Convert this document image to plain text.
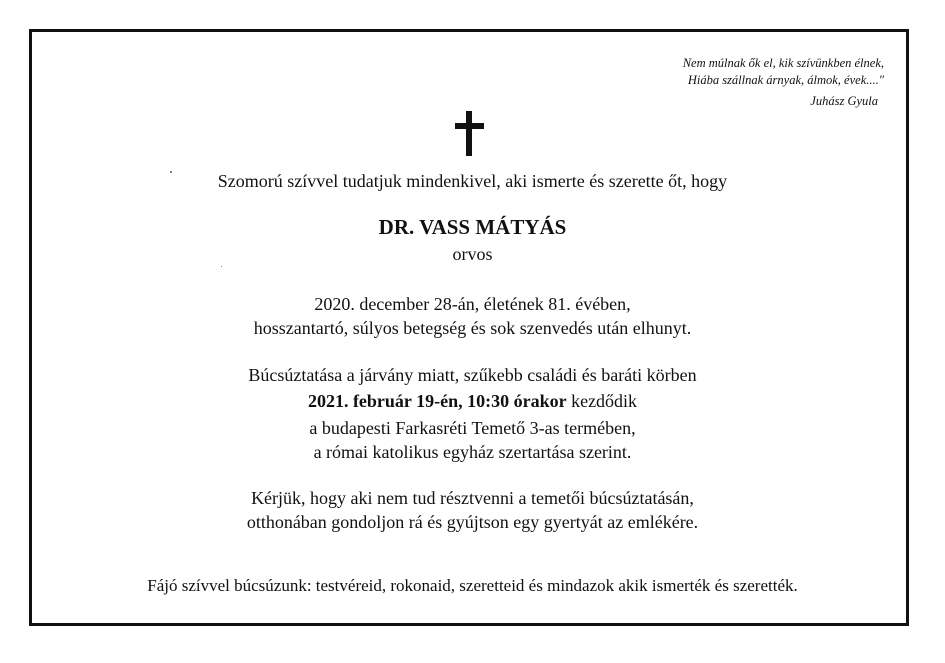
Nem múlnak ők el, kik szívünkben élnek,
Hiába szállnak árnyak, álmok, évek...."
Juhász Gyula
Szomorú szívvel tudatjuk mindenkivel, aki ismerte és szerette őt, hogy
DR. VASS MÁTYÁS
orvos
2020. december 28-án, életének 81. évében,
hosszantartó, súlyos betegség és sok szenvedés után elhunyt.
Búcsúztatása a járvány miatt, szűkebb családi és baráti körben
2021. február 19-én, 10:30 órakor kezdődik
a budapesti Farkasréti Temető 3-as termében,
a római katolikus egyház szertartása szerint.
Kérjük, hogy aki nem tud résztvenni a temetői búcsúztatásán,
otthonában gondoljon rá és gyújtson egy gyertyát az emlékére.
Fájó szívvel búcsúzunk: testvéreid, rokonaid, szeretteid és mindazok akik ismerték és szerették.
